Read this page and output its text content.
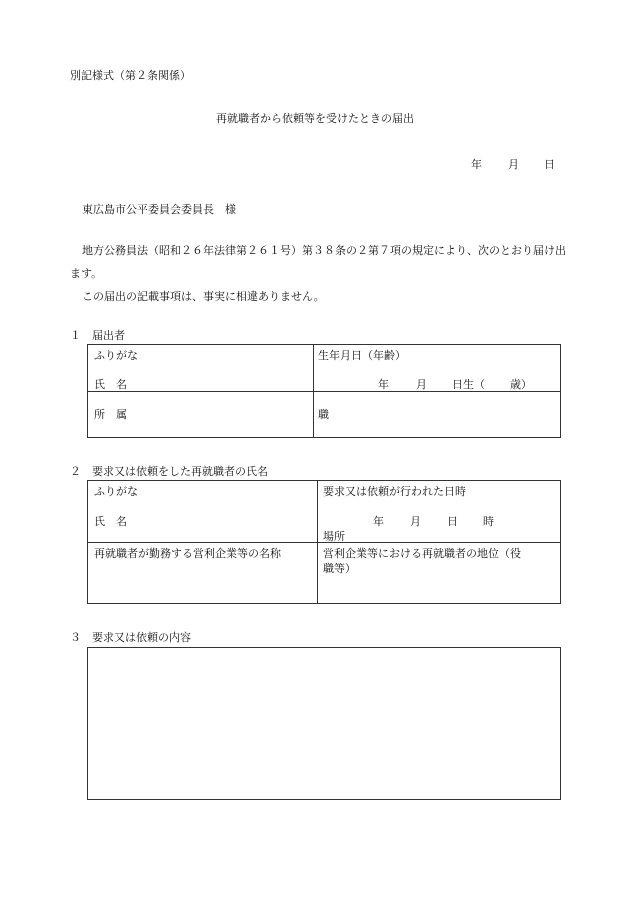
別記様式（第２条関係）
再就職者から依頼等を受けたときの届出
年 月 日
東広島市公平委員会委員長　様
地方公務員法（昭和２６年法律第２６１号）第３８条の２第７項の規定により、次のとおり届け出ます。
この届出の記載事項は、事実に相違ありません。
１　届出者
ふりがな
氏　名
生年月日（年齢）
年 月 日生（ 歳）
所　属	職
２　要求又は依頼をした再就職者の氏名
ふりがな
氏　名
要求又は依頼が行われた日時
年 月 日 時
場所
再就職者が勤務する営利企業等の名称	営利企業等における再就職者の地位（役
職等）
３　要求又は依頼の内容
